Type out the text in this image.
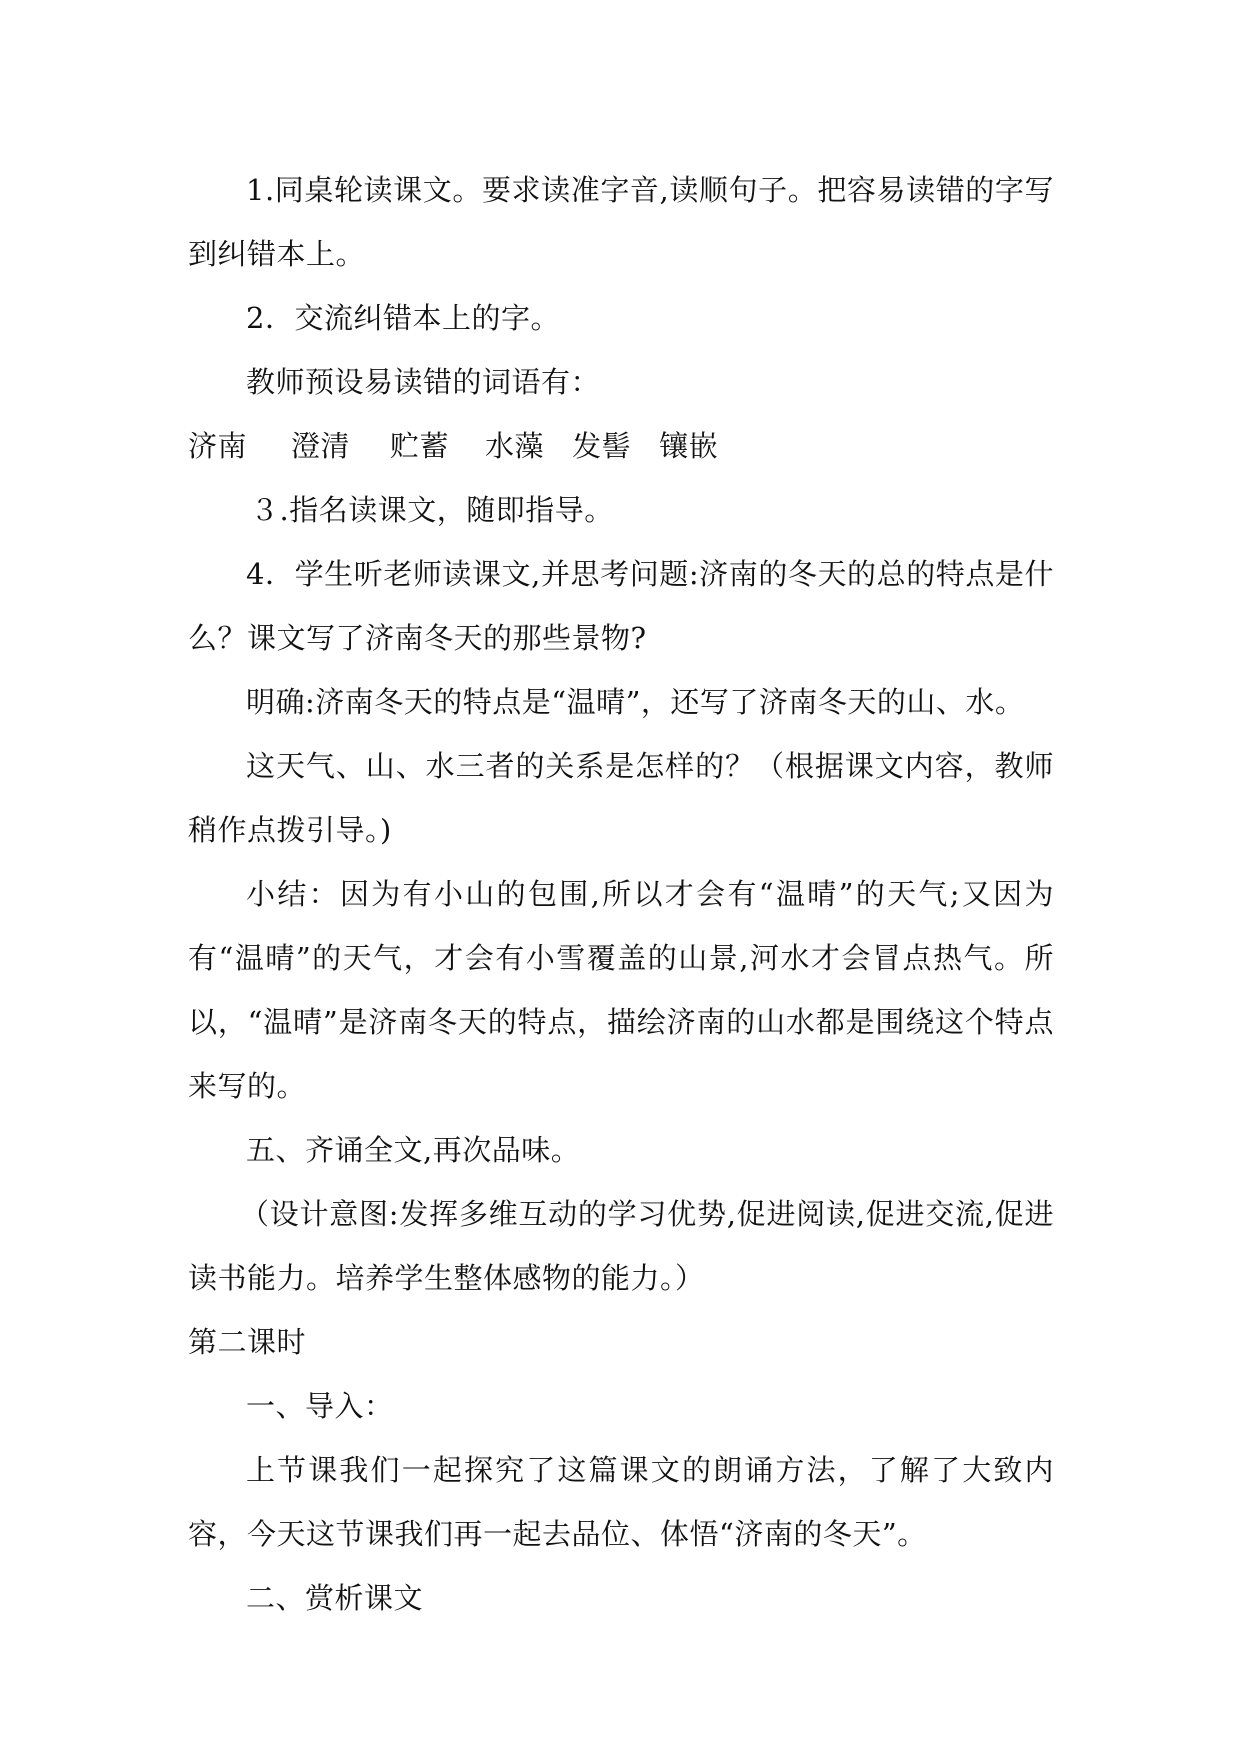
1.同桌轮读课文。要求读准字音,读顺句子。把容易读错的字写到纠错本上。

2．交流纠错本上的字。

教师预设易读错的词语有：

济南 澄清 贮蓄 水藻 发髻 镶嵌

３.指名读课文，随即指导。

4．学生听老师读课文,并思考问题:济南的冬天的总的特点是什么？课文写了济南冬天的那些景物?

明确:济南冬天的特点是“温晴”，还写了济南冬天的山、水。

这天气、山、水三者的关系是怎样的？（根据课文内容，教师稍作点拨引导。)

小结：因为有小山的包围,所以才会有“温晴”的天气;又因为有“温晴”的天气，才会有小雪覆盖的山景,河水才会冒点热气。所以，“温晴”是济南冬天的特点，描绘济南的山水都是围绕这个特点来写的。

五、齐诵全文,再次品味。

（设计意图:发挥多维互动的学习优势,促进阅读,促进交流,促进读书能力。培养学生整体感物的能力。）

第二课时

一、导入：

上节课我们一起探究了这篇课文的朗诵方法，了解了大致内容，今天这节课我们再一起去品位、体悟“济南的冬天”。

二、赏析课文
